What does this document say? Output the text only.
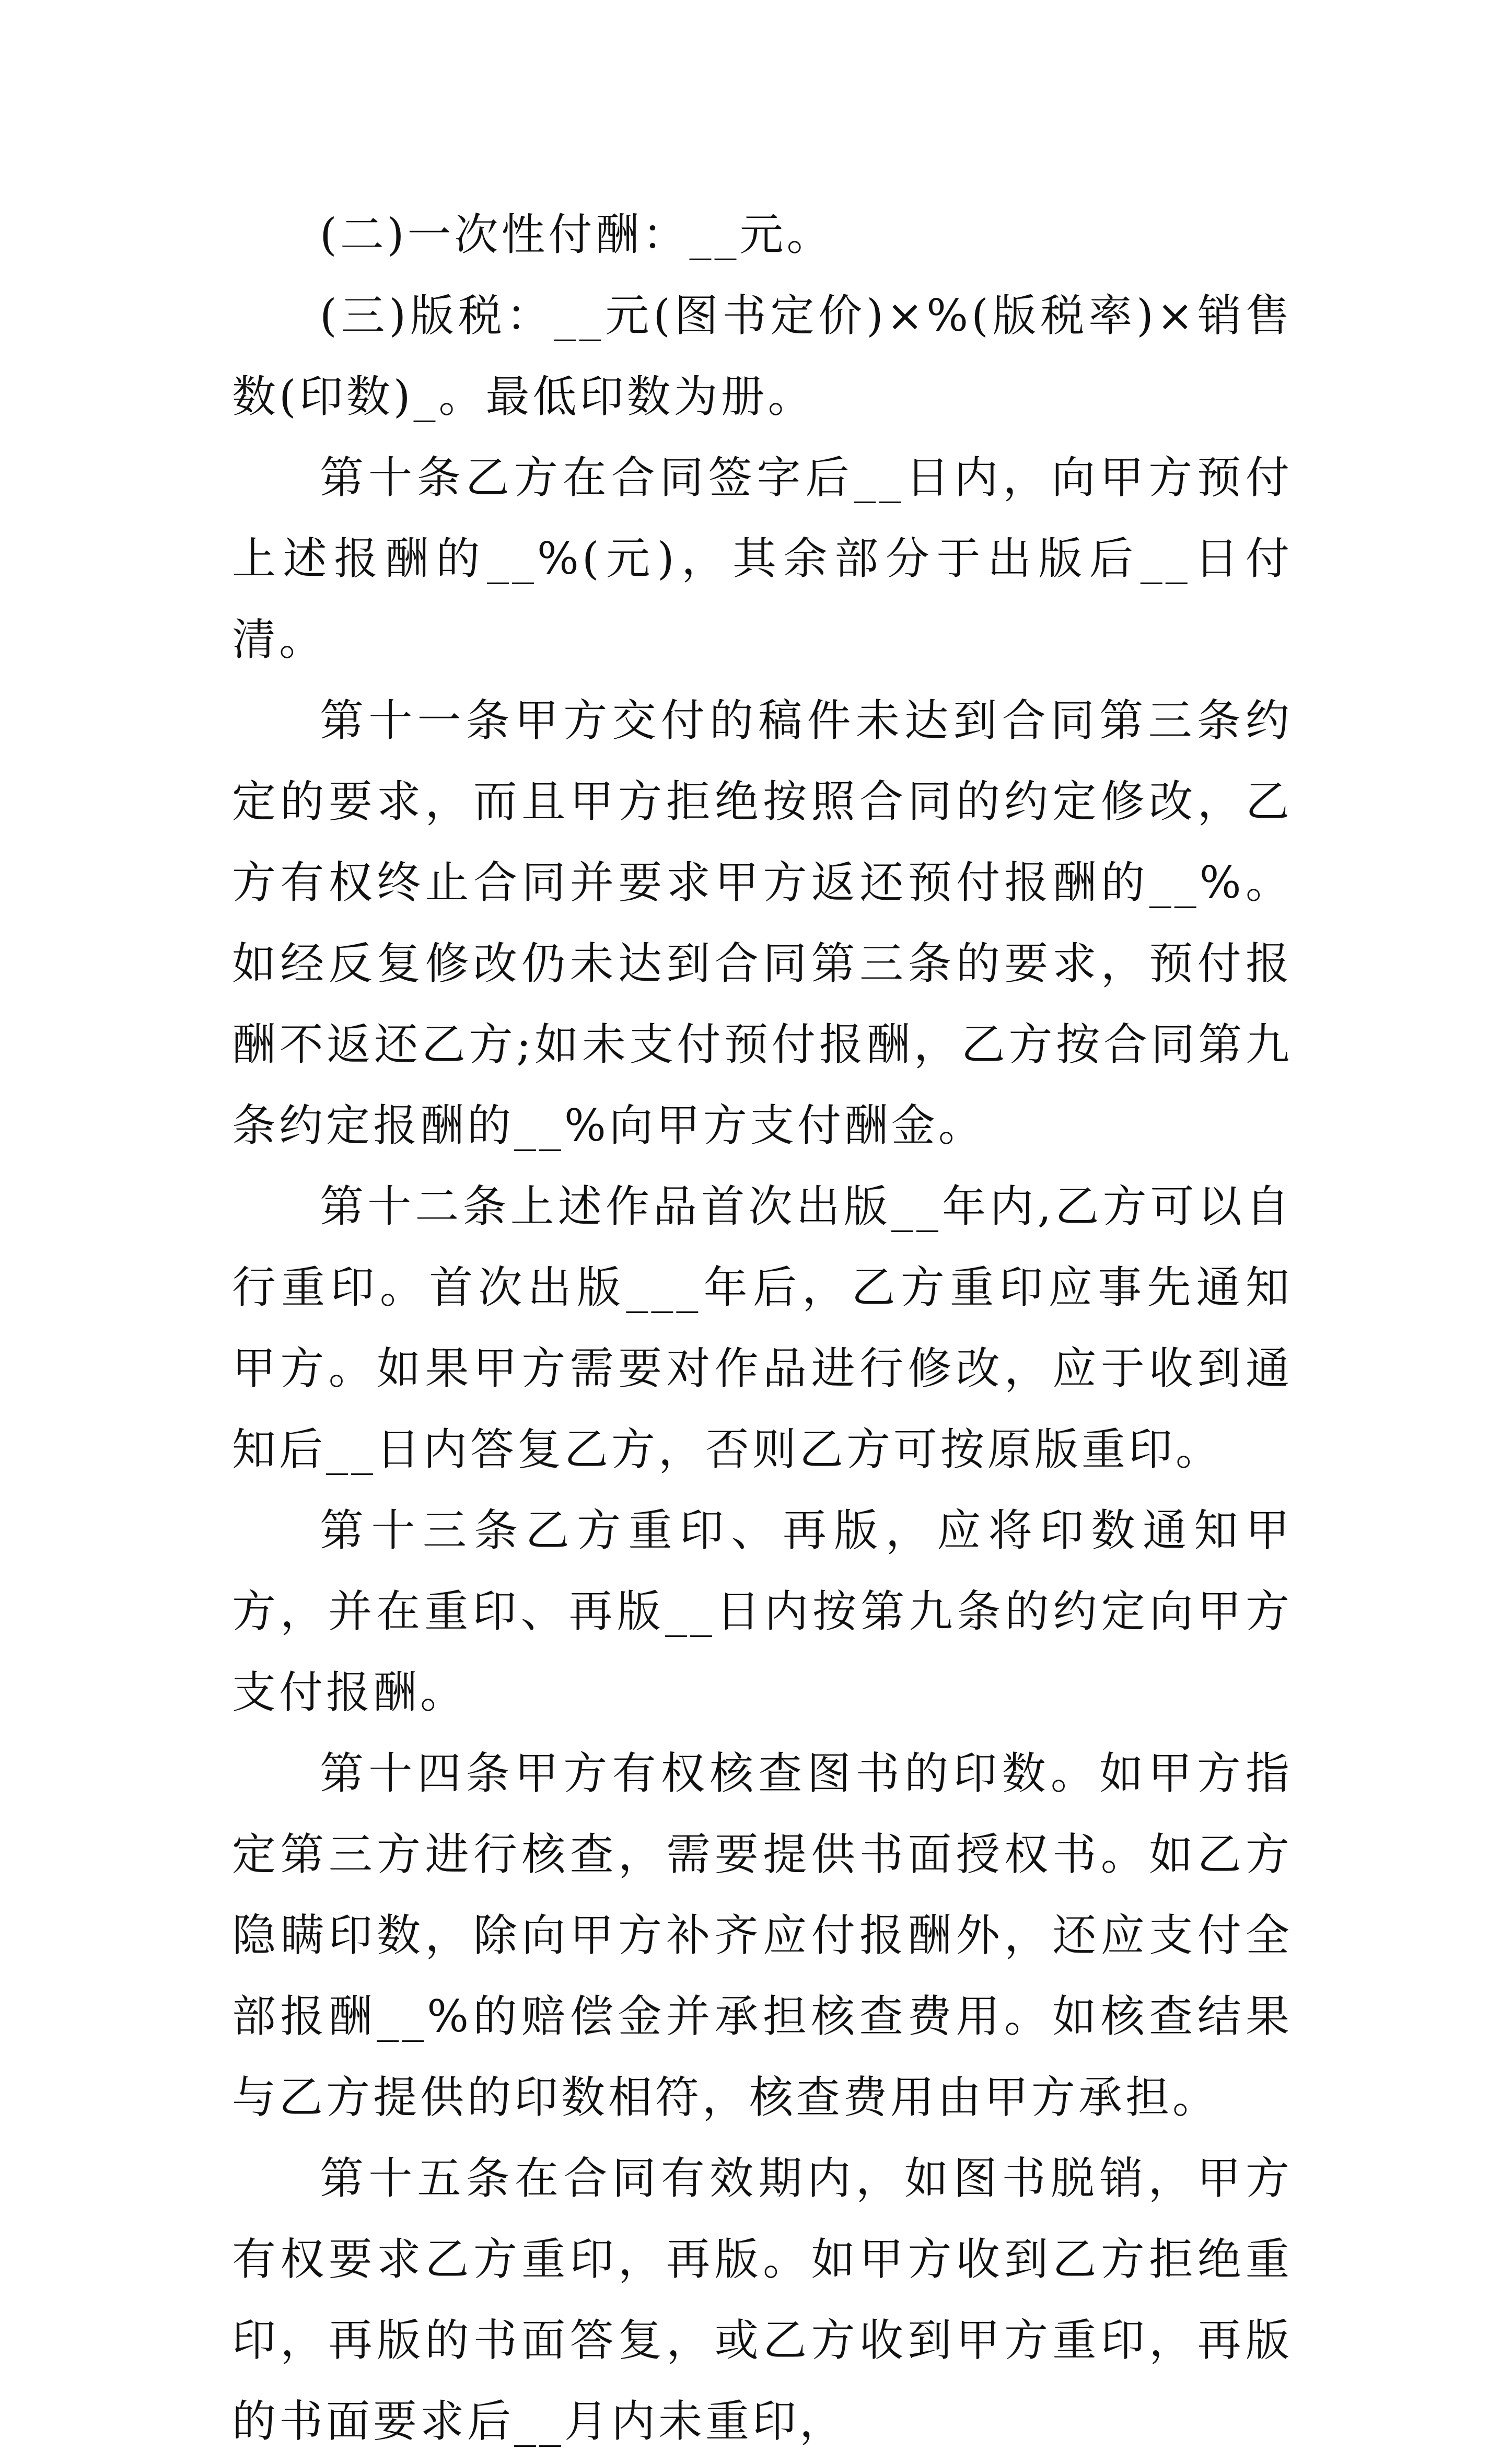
(二)一次性付酬：__元。

(三)版税：__元(图书定价)×%(版税率)×销售数(印数)_。最低印数为册。

第十条乙方在合同签字后__日内，向甲方预付上述报酬的__%(元)，其余部分于出版后__日付清。

第十一条甲方交付的稿件未达到合同第三条约定的要求，而且甲方拒绝按照合同的约定修改，乙方有权终止合同并要求甲方返还预付报酬的__%。如经反复修改仍未达到合同第三条的要求，预付报酬不返还乙方;如未支付预付报酬，乙方按合同第九条约定报酬的__%向甲方支付酬金。

第十二条上述作品首次出版__年内,乙方可以自行重印。首次出版___年后，乙方重印应事先通知甲方。如果甲方需要对作品进行修改，应于收到通知后__日内答复乙方，否则乙方可按原版重印。

第十三条乙方重印、再版，应将印数通知甲方，并在重印、再版__日内按第九条的约定向甲方支付报酬。

第十四条甲方有权核查图书的印数。如甲方指定第三方进行核查，需要提供书面授权书。如乙方隐瞒印数，除向甲方补齐应付报酬外，还应支付全部报酬__%的赔偿金并承担核查费用。如核查结果与乙方提供的印数相符，核查费用由甲方承担。

第十五条在合同有效期内，如图书脱销，甲方有权要求乙方重印，再版。如甲方收到乙方拒绝重印，再版的书面答复，或乙方收到甲方重印，再版的书面要求后__月内未重印，
